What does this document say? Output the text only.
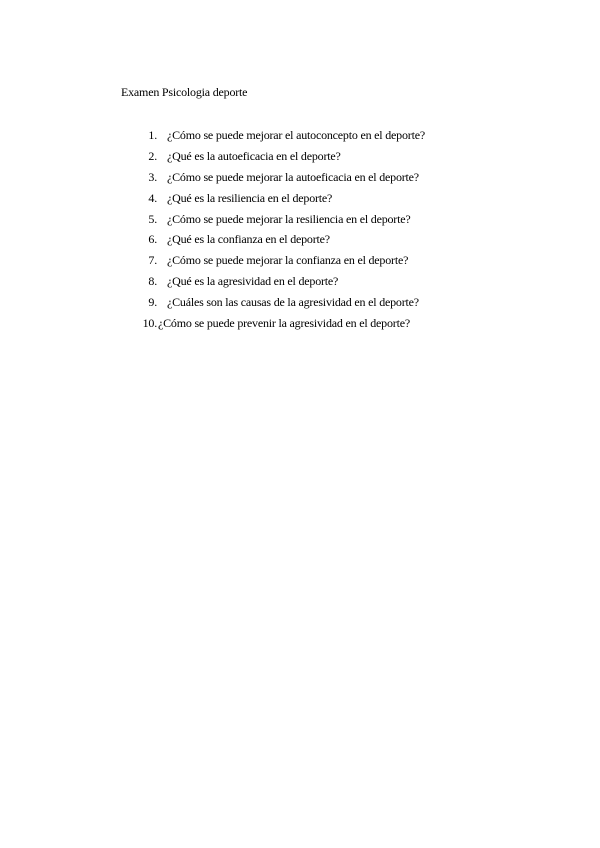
Examen Psicologia deporte
1. ¿Cómo se puede mejorar el autoconcepto en el deporte?
2. ¿Qué es la autoeficacia en el deporte?
3. ¿Cómo se puede mejorar la autoeficacia en el deporte?
4. ¿Qué es la resiliencia en el deporte?
5. ¿Cómo se puede mejorar la resiliencia en el deporte?
6. ¿Qué es la confianza en el deporte?
7. ¿Cómo se puede mejorar la confianza en el deporte?
8. ¿Qué es la agresividad en el deporte?
9. ¿Cuáles son las causas de la agresividad en el deporte?
10. ¿Cómo se puede prevenir la agresividad en el deporte?
